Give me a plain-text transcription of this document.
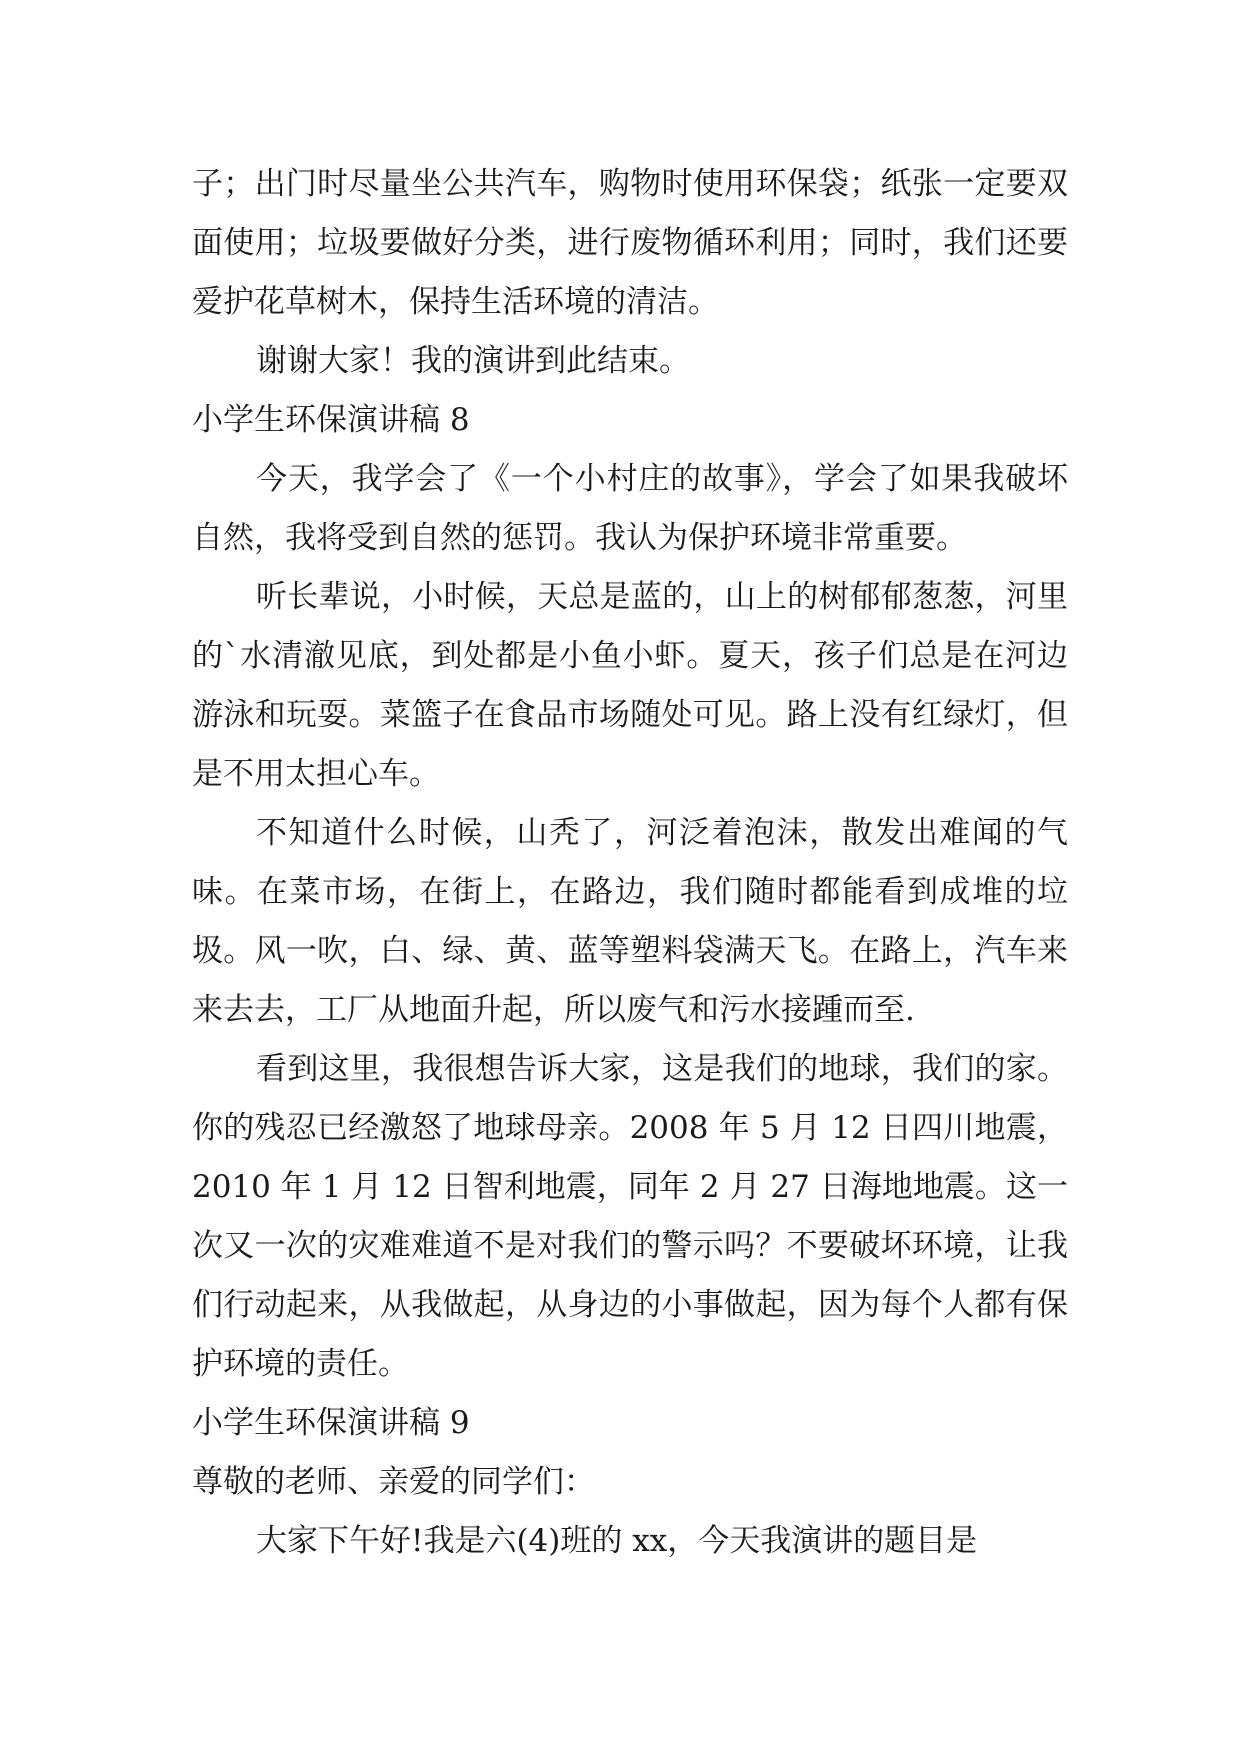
子；出门时尽量坐公共汽车，购物时使用环保袋；纸张一定要双面使用；垃圾要做好分类，进行废物循环利用；同时，我们还要爱护花草树木，保持生活环境的清洁。

谢谢大家！我的演讲到此结束。

小学生环保演讲稿 8

今天，我学会了《一个小村庄的故事》，学会了如果我破坏自然，我将受到自然的惩罚。我认为保护环境非常重要。

听长辈说，小时候，天总是蓝的，山上的树郁郁葱葱，河里的`水清澈见底，到处都是小鱼小虾。夏天，孩子们总是在河边游泳和玩耍。菜篮子在食品市场随处可见。路上没有红绿灯，但是不用太担心车。

不知道什么时候，山秃了，河泛着泡沫，散发出难闻的气味。在菜市场，在街上，在路边，我们随时都能看到成堆的垃圾。风一吹，白、绿、黄、蓝等塑料袋满天飞。在路上，汽车来来去去，工厂从地面升起，所以废气和污水接踵而至.

看到这里，我很想告诉大家，这是我们的地球，我们的家。你的残忍已经激怒了地球母亲。2008 年 5 月 12 日四川地震，2010 年 1 月 12 日智利地震，同年 2 月 27 日海地地震。这一次又一次的灾难难道不是对我们的警示吗？不要破坏环境，让我们行动起来，从我做起，从身边的小事做起，因为每个人都有保护环境的责任。

小学生环保演讲稿 9

尊敬的老师、亲爱的同学们：

大家下午好!我是六(4)班的 xx，今天我演讲的题目是
